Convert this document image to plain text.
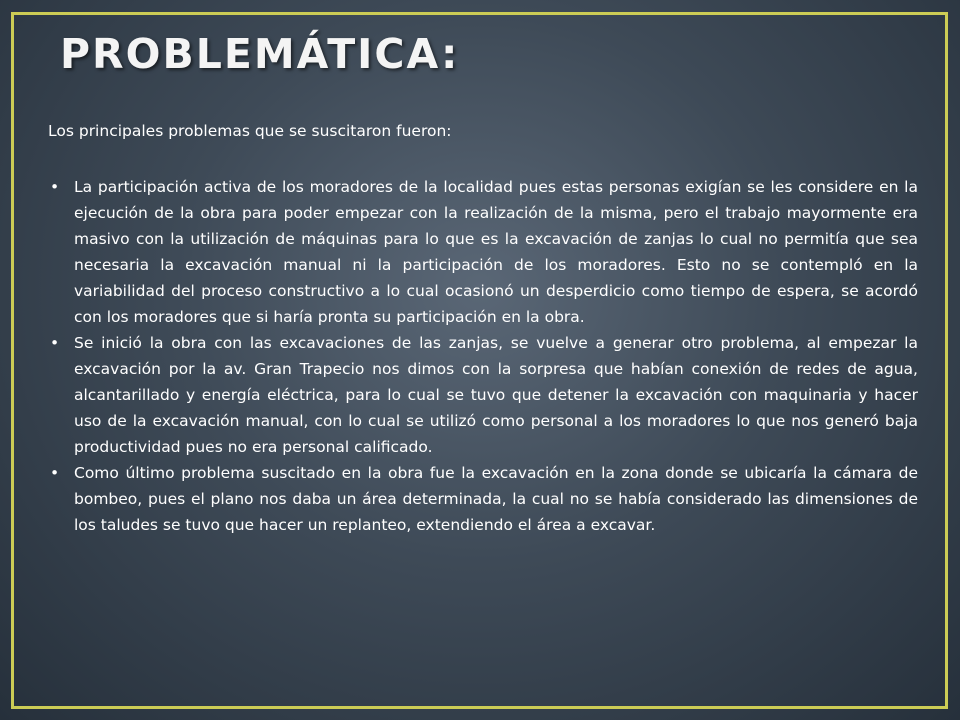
PROBLEMÁTICA:

Los principales problemas que se suscitaron fueron:

• La participación activa de los moradores de la localidad pues estas personas exigían se les considere en la ejecución de la obra para poder empezar con la realización de la misma, pero el trabajo mayormente era masivo con la utilización de máquinas para lo que es la excavación de zanjas lo cual no permitía que sea necesaria la excavación manual ni la participación de los moradores. Esto no se contempló en la variabilidad del proceso constructivo a lo cual ocasionó un desperdicio como tiempo de espera, se acordó con los moradores que si haría pronta su participación en la obra.
• Se inició la obra con las excavaciones de las zanjas, se vuelve a generar otro problema, al empezar la excavación por la av. Gran Trapecio nos dimos con la sorpresa que habían conexión de redes de agua, alcantarillado y energía eléctrica, para lo cual se tuvo que detener la excavación con maquinaria y hacer uso de la excavación manual, con lo cual se utilizó como personal a los moradores lo que nos generó baja productividad pues no era personal calificado.
• Como último problema suscitado en la obra fue la excavación en la zona donde se ubicaría la cámara de bombeo, pues el plano nos daba un área determinada, la cual no se había considerado las dimensiones de los taludes se tuvo que hacer un replanteo, extendiendo el área a excavar.
